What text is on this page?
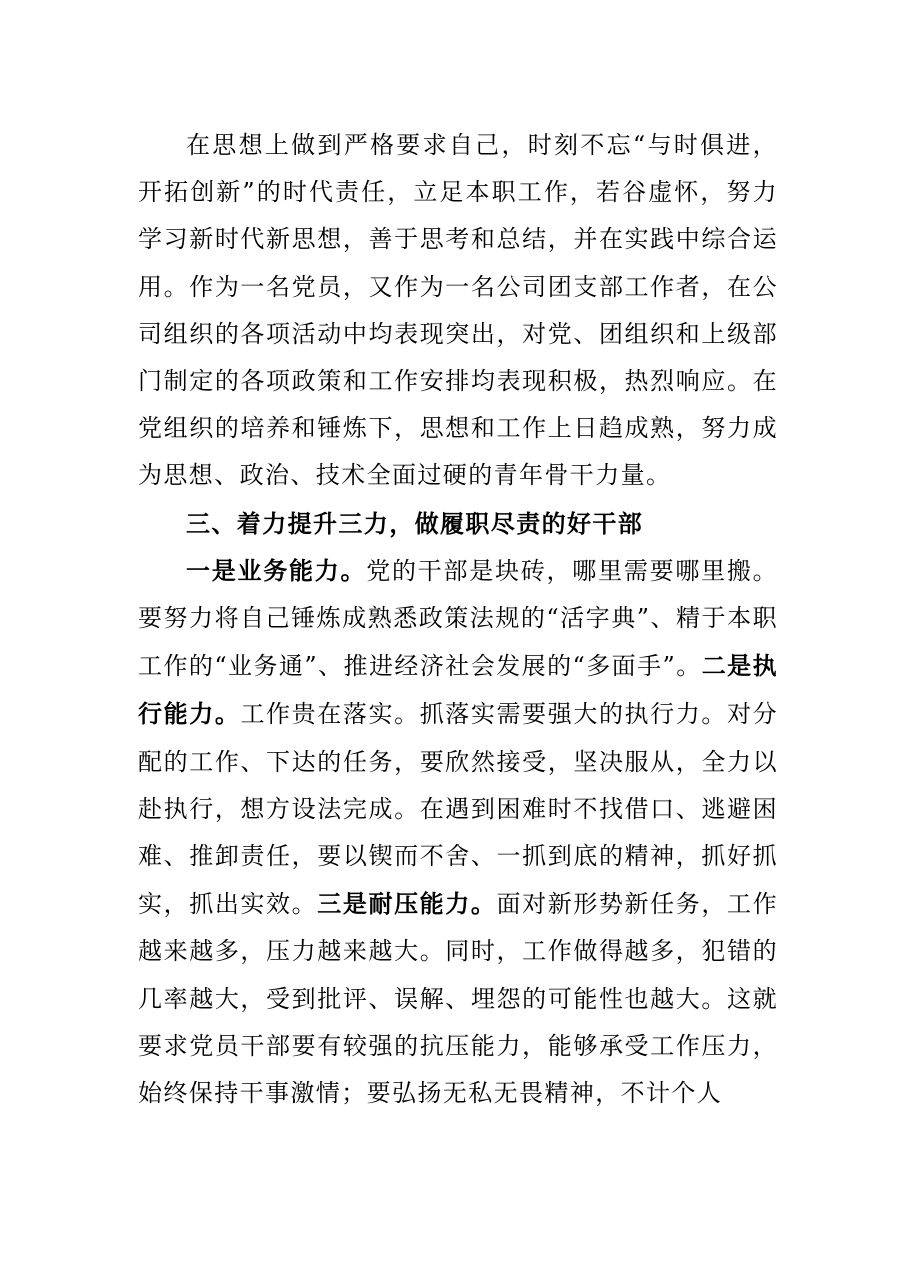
在思想上做到严格要求自己，时刻不忘“与时俱进，开拓创新”的时代责任，立足本职工作，若谷虚怀，努力学习新时代新思想，善于思考和总结，并在实践中综合运用。作为一名党员，又作为一名公司团支部工作者，在公司组织的各项活动中均表现突出，对党、团组织和上级部门制定的各项政策和工作安排均表现积极，热烈响应。在党组织的培养和锤炼下，思想和工作上日趋成熟，努力成为思想、政治、技术全面过硬的青年骨干力量。

三、着力提升三力，做履职尽责的好干部

一是业务能力。党的干部是块砖，哪里需要哪里搬。要努力将自己锤炼成熟悉政策法规的“活字典”、精于本职工作的“业务通”、推进经济社会发展的“多面手”。二是执行能力。工作贵在落实。抓落实需要强大的执行力。对分配的工作、下达的任务，要欣然接受，坚决服从，全力以赴执行，想方设法完成。在遇到困难时不找借口、逃避困难、推卸责任，要以锲而不舍、一抓到底的精神，抓好抓实，抓出实效。三是耐压能力。面对新形势新任务，工作越来越多，压力越来越大。同时，工作做得越多，犯错的几率越大，受到批评、误解、埋怨的可能性也越大。这就要求党员干部要有较强的抗压能力，能够承受工作压力，始终保持干事激情；要弘扬无私无畏精神，不计个人
